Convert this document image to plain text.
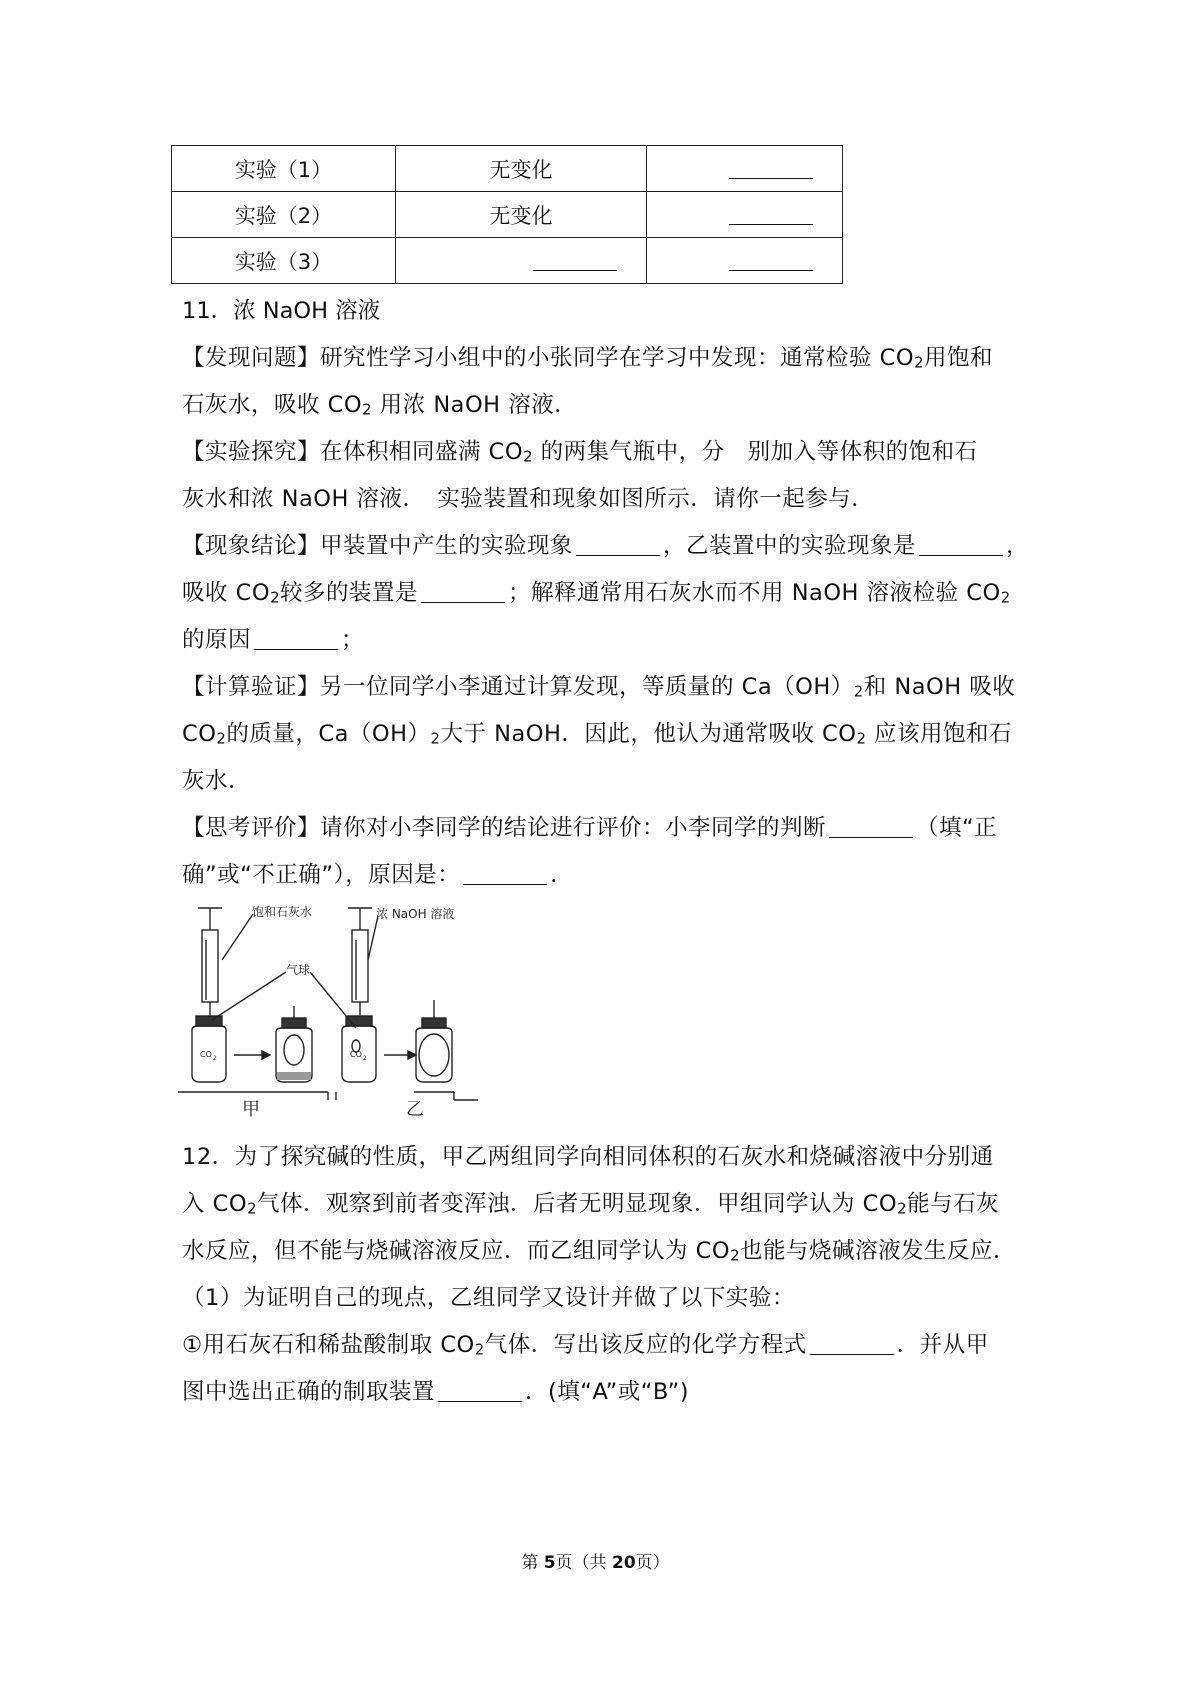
实验（1）	无变化	
实验（2）	无变化	
实验（3）		
11．浓 NaOH 溶液
【发现问题】研究性学习小组中的小张同学在学习中发现：通常检验 CO2用饱和
石灰水，吸收 CO2 用浓 NaOH 溶液．
【实验探究】在体积相同盛满 CO2 的两集气瓶中，分　别加入等体积的饱和石
灰水和浓 NaOH 溶液．　实验装置和现象如图所示．请你一起参与．
【现象结论】甲装置中产生的实验现象	，乙装置中的实验现象是	，
吸收 CO2较多的装置是	；解释通常用石灰水而不用 NaOH 溶液检验 CO2
的原因	；
【计算验证】另一位同学小李通过计算发现，等质量的 Ca（OH）2和 NaOH 吸收
CO2的质量，Ca（OH）2大于 NaOH．因此，他认为通常吸收 CO2 应该用饱和石
灰水．
【思考评价】请你对小李同学的结论进行评价：小李同学的判断	（填“正
确”或“不正确”），原因是：	．
饱和石灰水	浓 NaOH 溶液
气球
CO 2	CO 2
甲	乙
12．为了探究碱的性质，甲乙两组同学向相同体积的石灰水和烧碱溶液中分别通
入 CO2气体．观察到前者变浑浊．后者无明显现象．甲组同学认为 CO2能与石灰
水反应，但不能与烧碱溶液反应．而乙组同学认为 CO2也能与烧碱溶液发生反应．
（1）为证明自己的现点，乙组同学又设计并做了以下实验：
①用石灰石和稀盐酸制取 CO2气体．写出该反应的化学方程式	．并从甲
图中选出正确的制取装置	．(填“A”或“B”)
第 5页（共 20页）
